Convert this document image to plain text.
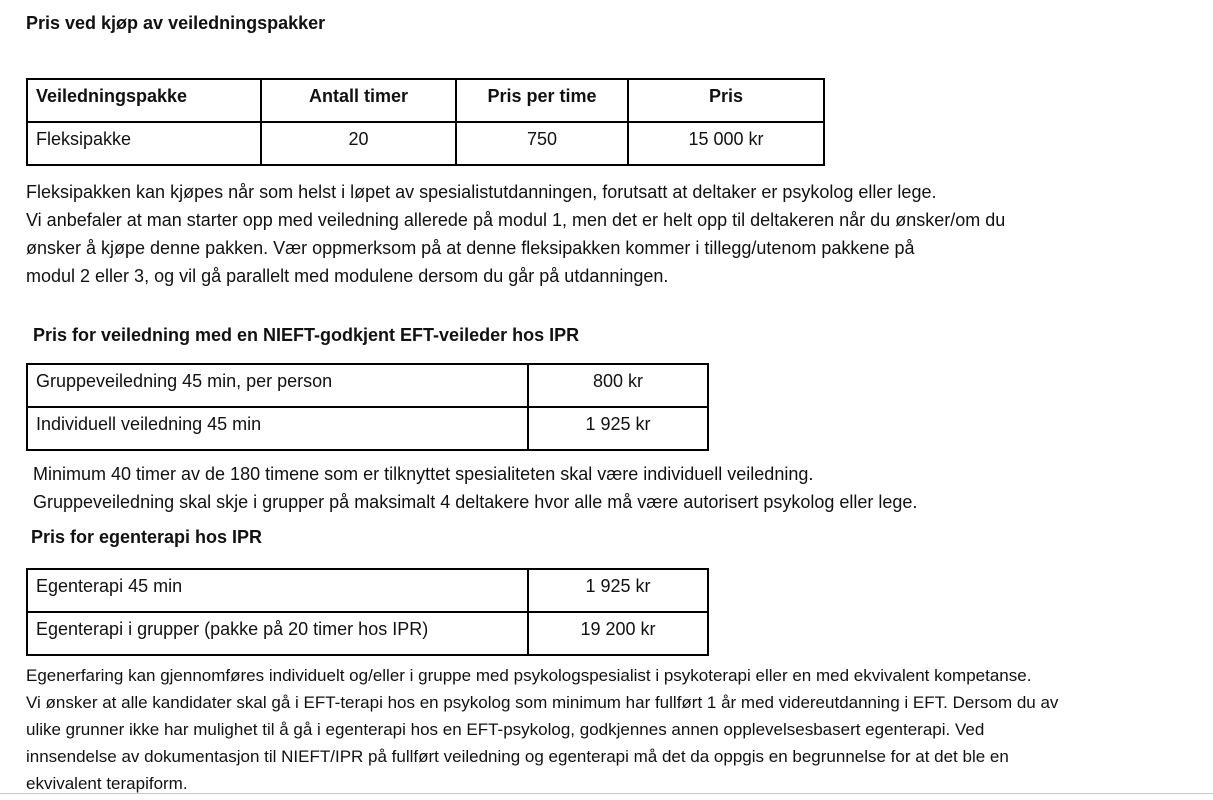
Pris ved kjøp av veiledningspakker
Veiledningspakke	Antall timer	Pris per time	Pris
Fleksipakke	20	750	15 000 kr
Fleksipakken kan kjøpes når som helst i løpet av spesialistutdanningen, forutsatt at deltaker er psykolog eller lege.
Vi anbefaler at man starter opp med veiledning allerede på modul 1, men det er helt opp til deltakeren når du ønsker/om du
ønsker å kjøpe denne pakken. Vær oppmerksom på at denne fleksipakken kommer i tillegg/utenom pakkene på
modul 2 eller 3, og vil gå parallelt med modulene dersom du går på utdanningen.
Pris for veiledning med en NIEFT-godkjent EFT-veileder hos IPR
Gruppeveiledning 45 min, per person	800 kr
Individuell veiledning 45 min	1 925 kr
Minimum 40 timer av de 180 timene som er tilknyttet spesialiteten skal være individuell veiledning.
Gruppeveiledning skal skje i grupper på maksimalt 4 deltakere hvor alle må være autorisert psykolog eller lege.
Pris for egenterapi hos IPR
Egenterapi 45 min	1 925 kr
Egenterapi i grupper (pakke på 20 timer hos IPR)	19 200 kr
Egenerfaring kan gjennomføres individuelt og/eller i gruppe med psykologspesialist i psykoterapi eller en med ekvivalent kompetanse.
Vi ønsker at alle kandidater skal gå i EFT-terapi hos en psykolog som minimum har fullført 1 år med videreutdanning i EFT. Dersom du av
ulike grunner ikke har mulighet til å gå i egenterapi hos en EFT-psykolog, godkjennes annen opplevelsesbasert egenterapi. Ved
innsendelse av dokumentasjon til NIEFT/IPR på fullført veiledning og egenterapi må det da oppgis en begrunnelse for at det ble en
ekvivalent terapiform.
